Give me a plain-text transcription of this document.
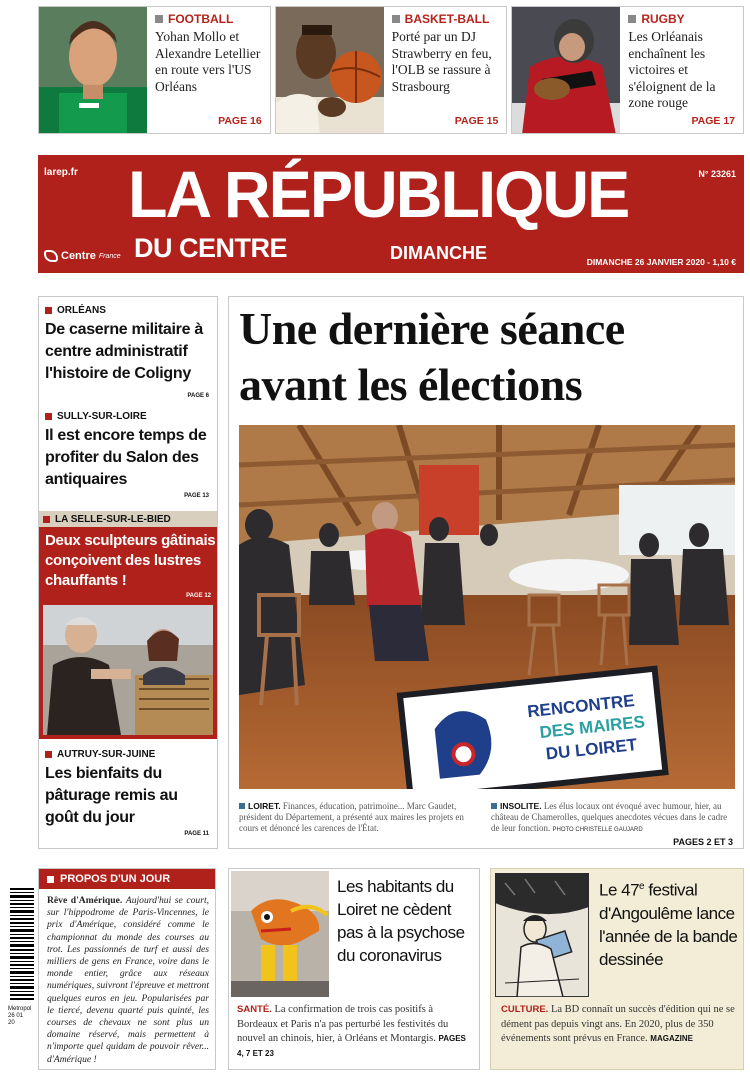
FOOTBALL
Yohan Mollo et Alexandre Letellier en route vers l'US Orléans
PAGE 16
BASKET-BALL
Porté par un DJ Strawberry en feu, l'OLB se rassure à Strasbourg
PAGE 15
RUGBY
Les Orléanais enchaînent les victoires et s'éloignent de la zone rouge
PAGE 17
larep.fr	N° 23261
LA RÉPUBLIQUE
DU CENTRE	DIMANCHE
Centre France
DIMANCHE 26 JANVIER 2020 - 1,10 €
ORLÉANS
De caserne militaire à centre administratif l'histoire de Coligny
PAGE 6
SULLY-SUR-LOIRE
Il est encore temps de profiter du Salon des antiquaires
PAGE 13
LA SELLE-SUR-LE-BIED
Deux sculpteurs gâtinais conçoivent des lustres chauffants !
PAGE 12
AUTRUY-SUR-JUINE
Les bienfaits du pâturage remis au goût du jour
PAGE 11
Une dernière séance avant les élections
RENCONTRE
DES MAIRES
DU LOIRET
LOIRET. Finances, éducation, patrimoine... Marc Gaudet, président du Département, a présenté aux maires les projets en cours et dénoncé les carences de l'État.
INSOLITE. Les élus locaux ont évoqué avec humour, hier, au château de Chamerolles, quelques anecdotes vécues dans le cadre de leur fonction. PHOTO CHRISTELLE GAUJARD
PAGES 2 ET 3
Metropol 26 01 20
PROPOS D'UN JOUR
Rêve d'Amérique. Aujourd'hui se court, sur l'hippodrome de Paris-Vincennes, le prix d'Amérique, considéré comme le championnat du monde des courses au trot. Les passionnés de turf et aussi des milliers de gens en France, voire dans le monde entier, grâce aux réseaux numériques, suivront l'épreuve et mettront quelques euros en jeu. Popularisées par le tiercé, devenu quarté puis quinté, les courses de chevaux ne sont plus un domaine réservé, mais permettent à n'importe quel quidam de pouvoir rêver... d'Amérique !
Les habitants du Loiret ne cèdent pas à la psychose du coronavirus
SANTÉ. La confirmation de trois cas positifs à Bordeaux et Paris n'a pas perturbé les festivités du nouvel an chinois, hier, à Orléans et Montargis. PAGES 4, 7 ET 23
Le 47e festival d'Angoulême lance l'année de la bande dessinée
CULTURE. La BD connaît un succès d'édition qui ne se dément pas depuis vingt ans. En 2020, plus de 350 événements sont prévus en France. MAGAZINE
